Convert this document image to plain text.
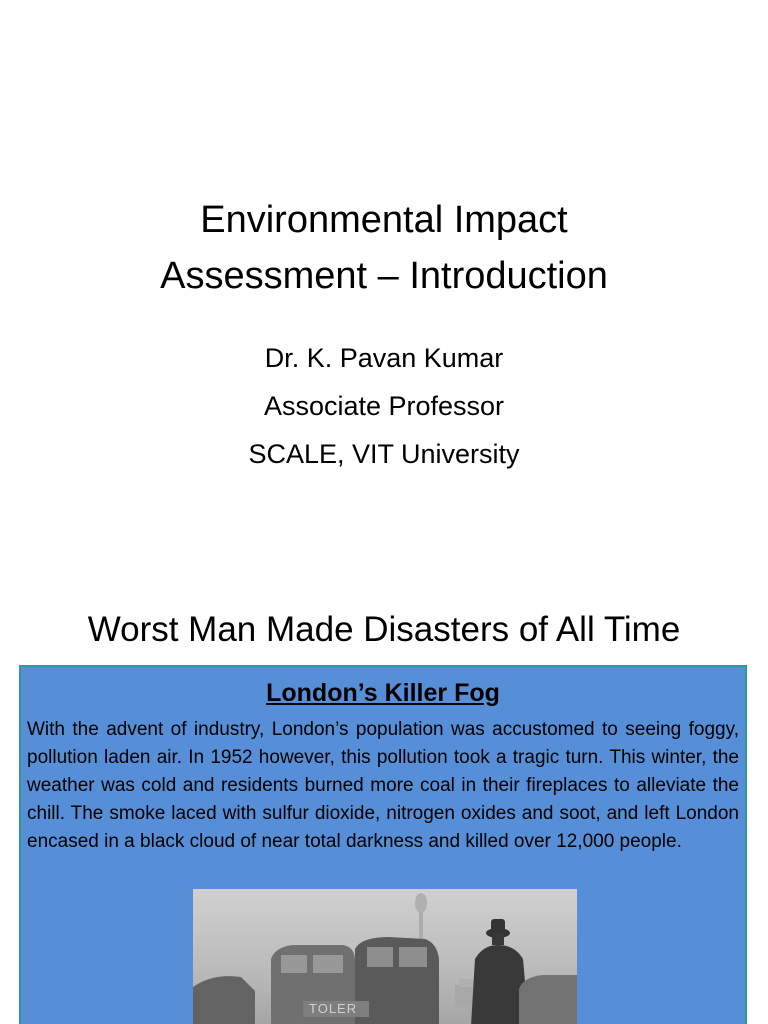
Environmental Impact
Assessment – Introduction
Dr. K. Pavan Kumar
Associate Professor
SCALE, VIT University
Worst Man Made Disasters of All Time
London’s Killer Fog
With the advent of industry, London’s population was accustomed to seeing foggy, pollution laden air. In 1952 however, this pollution took a tragic turn. This winter, the weather was cold and residents burned more coal in their fireplaces to alleviate the chill. The smoke laced with sulfur dioxide, nitrogen oxides and soot, and left London encased in a black cloud of near total darkness and killed over 12,000 people.
TOLER
